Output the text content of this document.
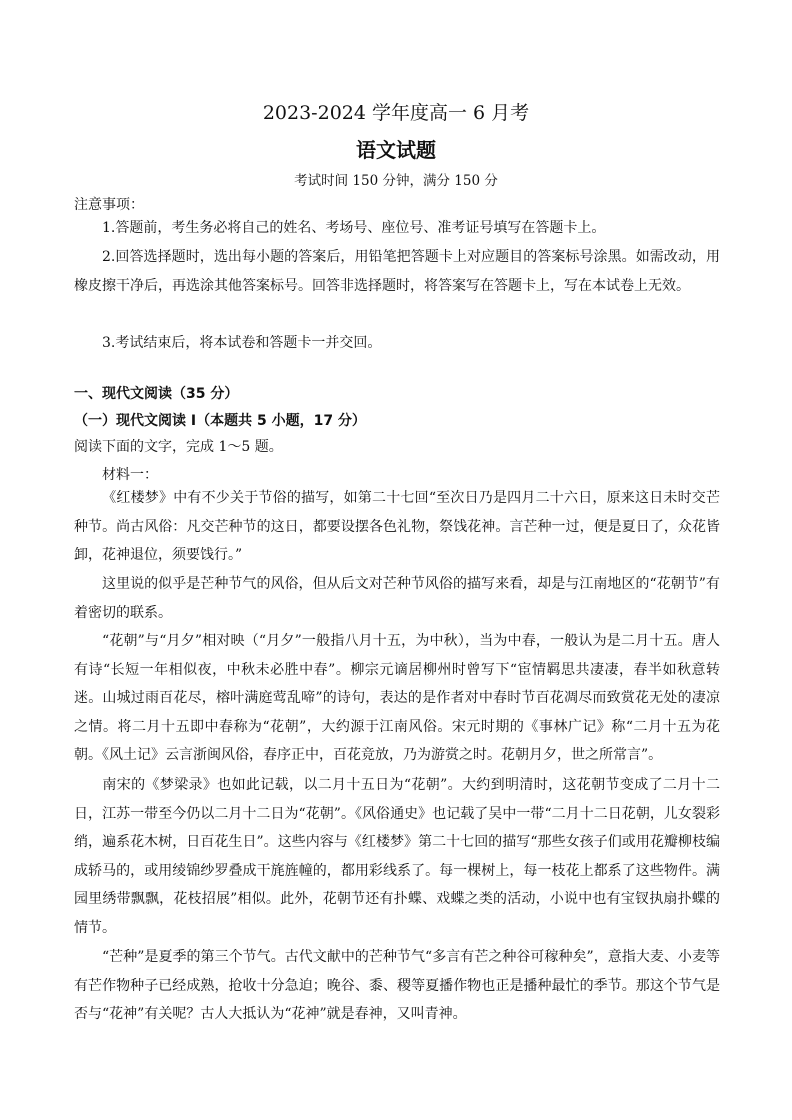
2023-2024 学年度高一 6 月考
语文试题
考试时间 150 分钟，满分 150 分
注意事项：
1.答题前，考生务必将自己的姓名、考场号、座位号、准考证号填写在答题卡上。
2.回答选择题时，选出每小题的答案后，用铅笔把答题卡上对应题目的答案标号涂黑。如需改动，用橡皮擦干净后，再选涂其他答案标号。回答非选择题时，将答案写在答题卡上，写在本试卷上无效。
3.考试结束后，将本试卷和答题卡一并交回。
一、现代文阅读（35 分）
（一）现代文阅读 I（本题共 5 小题，17 分）
阅读下面的文字，完成 1～5 题。
材料一：
《红楼梦》中有不少关于节俗的描写，如第二十七回“至次日乃是四月二十六日，原来这日未时交芒种节。尚古风俗：凡交芒种节的这日，都要设摆各色礼物，祭饯花神。言芒种一过，便是夏日了，众花皆卸，花神退位，须要饯行。”
这里说的似乎是芒种节气的风俗，但从后文对芒种节风俗的描写来看，却是与江南地区的“花朝节”有着密切的联系。
“花朝”与“月夕”相对映（“月夕”一般指八月十五，为中秋），当为中春，一般认为是二月十五。唐人有诗“长短一年相似夜，中秋未必胜中春”。柳宗元谪居柳州时曾写下“宦情羁思共凄凄，春半如秋意转迷。山城过雨百花尽，榕叶满庭莺乱啼”的诗句，表达的是作者对中春时节百花凋尽而致赏花无处的凄凉之情。将二月十五即中春称为“花朝”，大约源于江南风俗。宋元时期的《事林广记》称“二月十五为花朝。《风土记》云言浙闽风俗，春序正中，百花竞放，乃为游赏之时。花朝月夕，世之所常言”。
南宋的《梦梁录》也如此记载，以二月十五日为“花朝”。大约到明清时，这花朝节变成了二月十二日，江苏一带至今仍以二月十二日为“花朝”。《风俗通史》也记载了吴中一带“二月十二日花朝，儿女裂彩绡，遍系花木树，日百花生日”。这些内容与《红楼梦》第二十七回的描写“那些女孩子们或用花瓣柳枝编成轿马的，或用绫锦纱罗叠成干旄旌幢的，都用彩线系了。每一棵树上，每一枝花上都系了这些物件。满园里绣带飘飘，花枝招展”相似。此外，花朝节还有扑蝶、戏蝶之类的活动，小说中也有宝钗执扇扑蝶的情节。
“芒种”是夏季的第三个节气。古代文献中的芒种节气“多言有芒之种谷可稼种矣”，意指大麦、小麦等有芒作物种子已经成熟，抢收十分急迫；晚谷、黍、稷等夏播作物也正是播种最忙的季节。那这个节气是否与“花神”有关呢？古人大抵认为“花神”就是春神，又叫青神。
